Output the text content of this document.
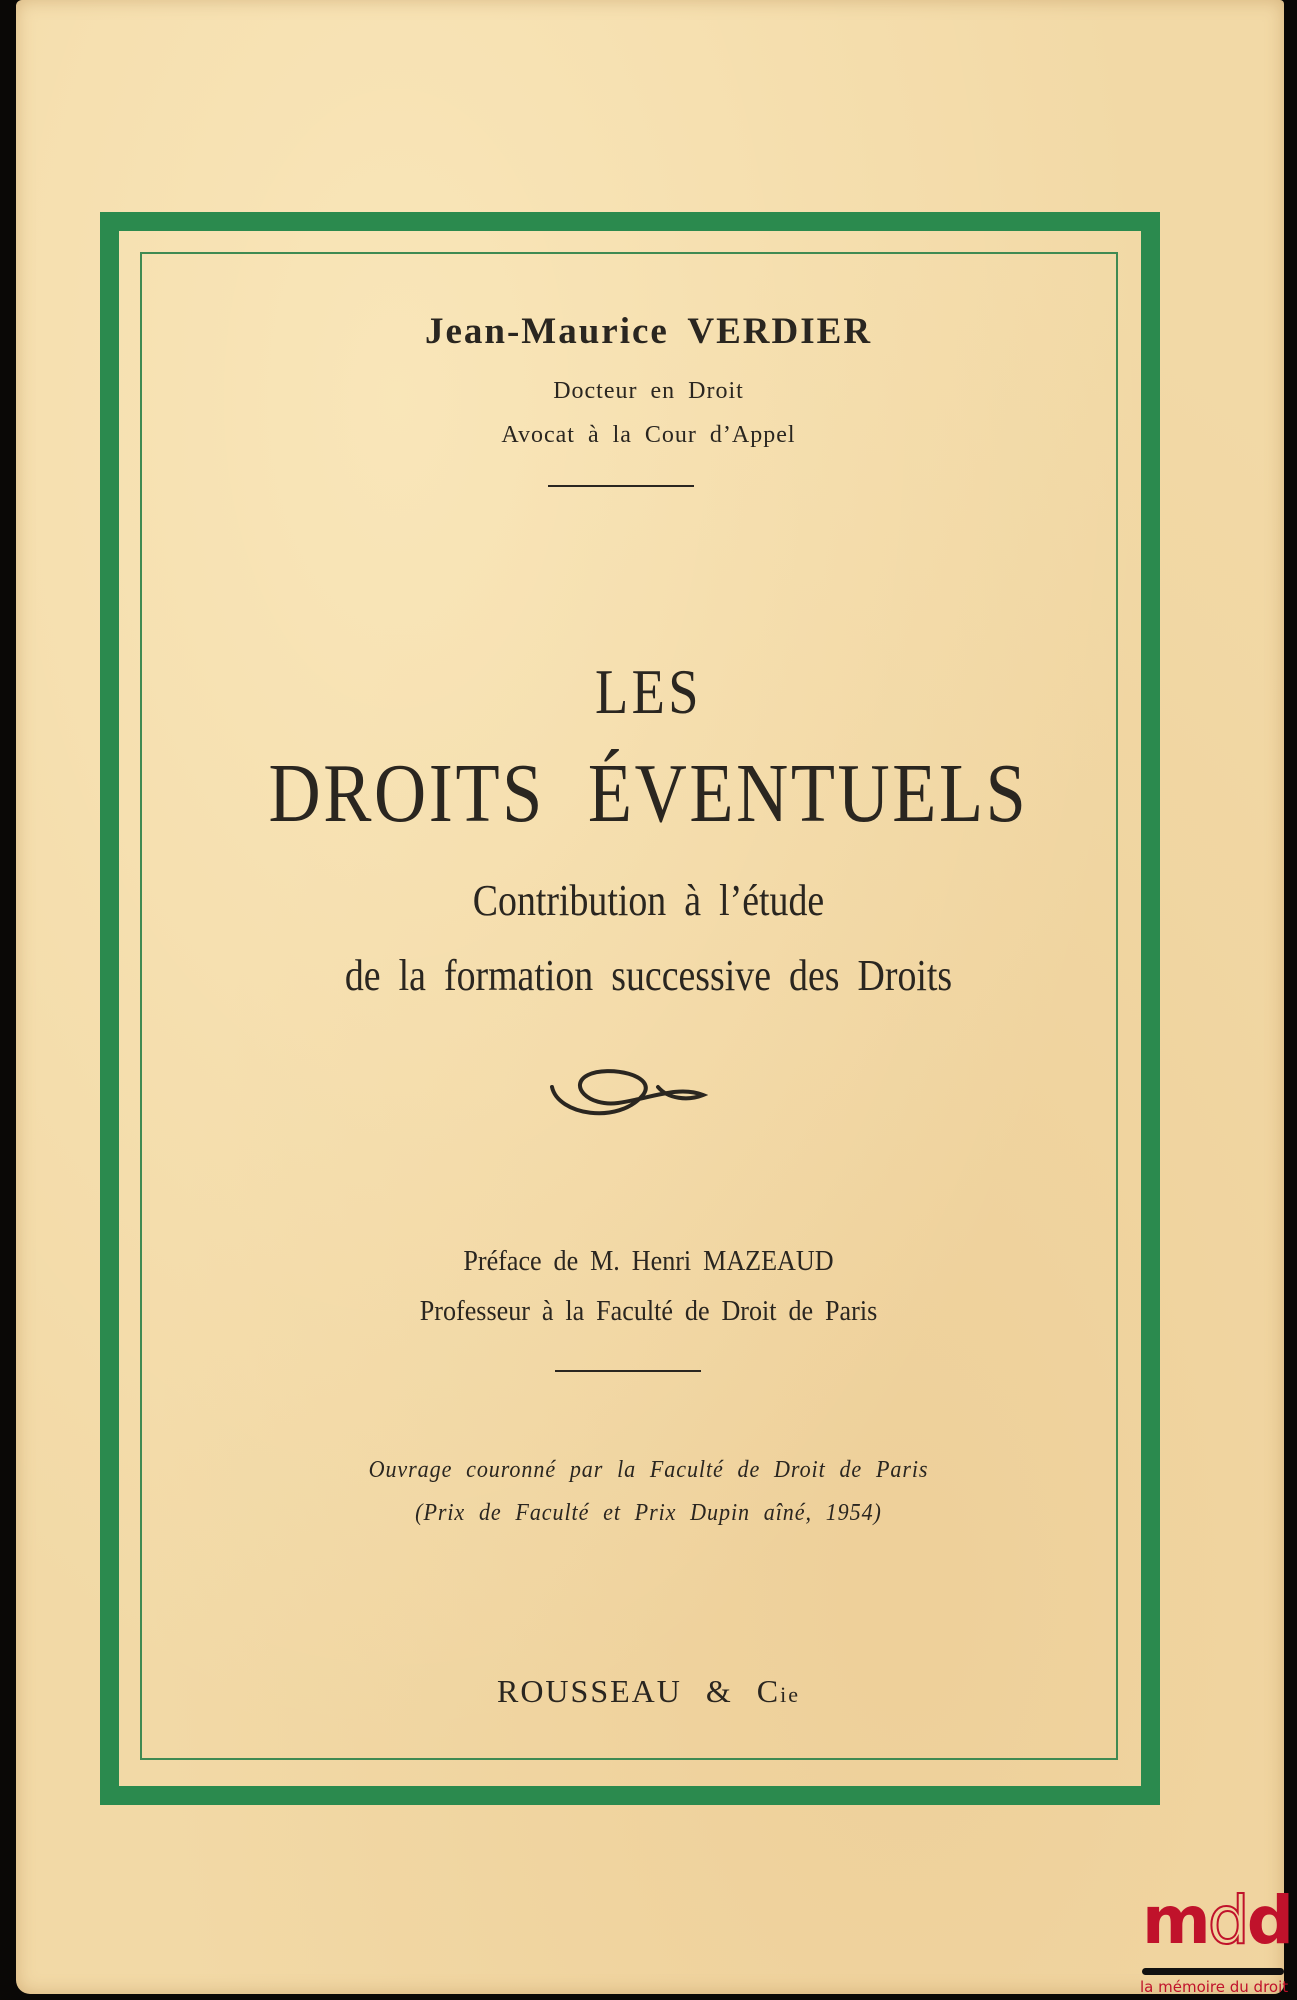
Jean-Maurice VERDIER
Docteur en Droit
Avocat à la Cour d’Appel
LES
DROITS ÉVENTUELS
Contribution à l’étude
de la formation successive des Droits
Préface de M. Henri MAZEAUD
Professeur à la Faculté de Droit de Paris
Ouvrage couronné par la Faculté de Droit de Paris
(Prix de Faculté et Prix Dupin aîné, 1954)
ROUSSEAU & Cie
mdd
la mémoire du droit
